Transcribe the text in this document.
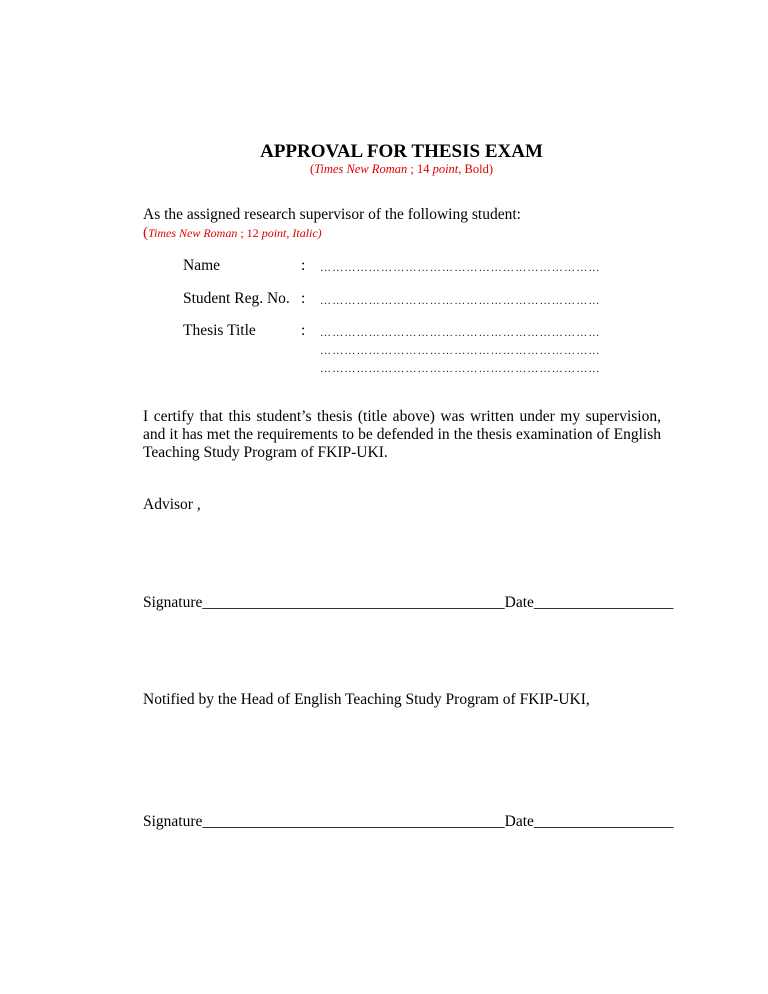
APPROVAL FOR THESIS EXAM
(Times New Roman ; 14 point, Bold)
As the assigned research supervisor of the following student:
(Times New Roman ; 12 point, Italic)
Name	: ……………………………………………………………
Student Reg. No. : ……………………………………………………………
Thesis Title	: ……………………………………………………………
……………………………………………………………
……………………………………………………………
I certify that this student’s thesis (title above) was written under my supervision, and it has met the requirements to be defended in the thesis examination of English Teaching Study Program of FKIP-UKI.
Advisor ,
Signature_______________________________________Date__________________
Notified by the Head of English Teaching Study Program of FKIP-UKI,
Signature_______________________________________Date__________________
